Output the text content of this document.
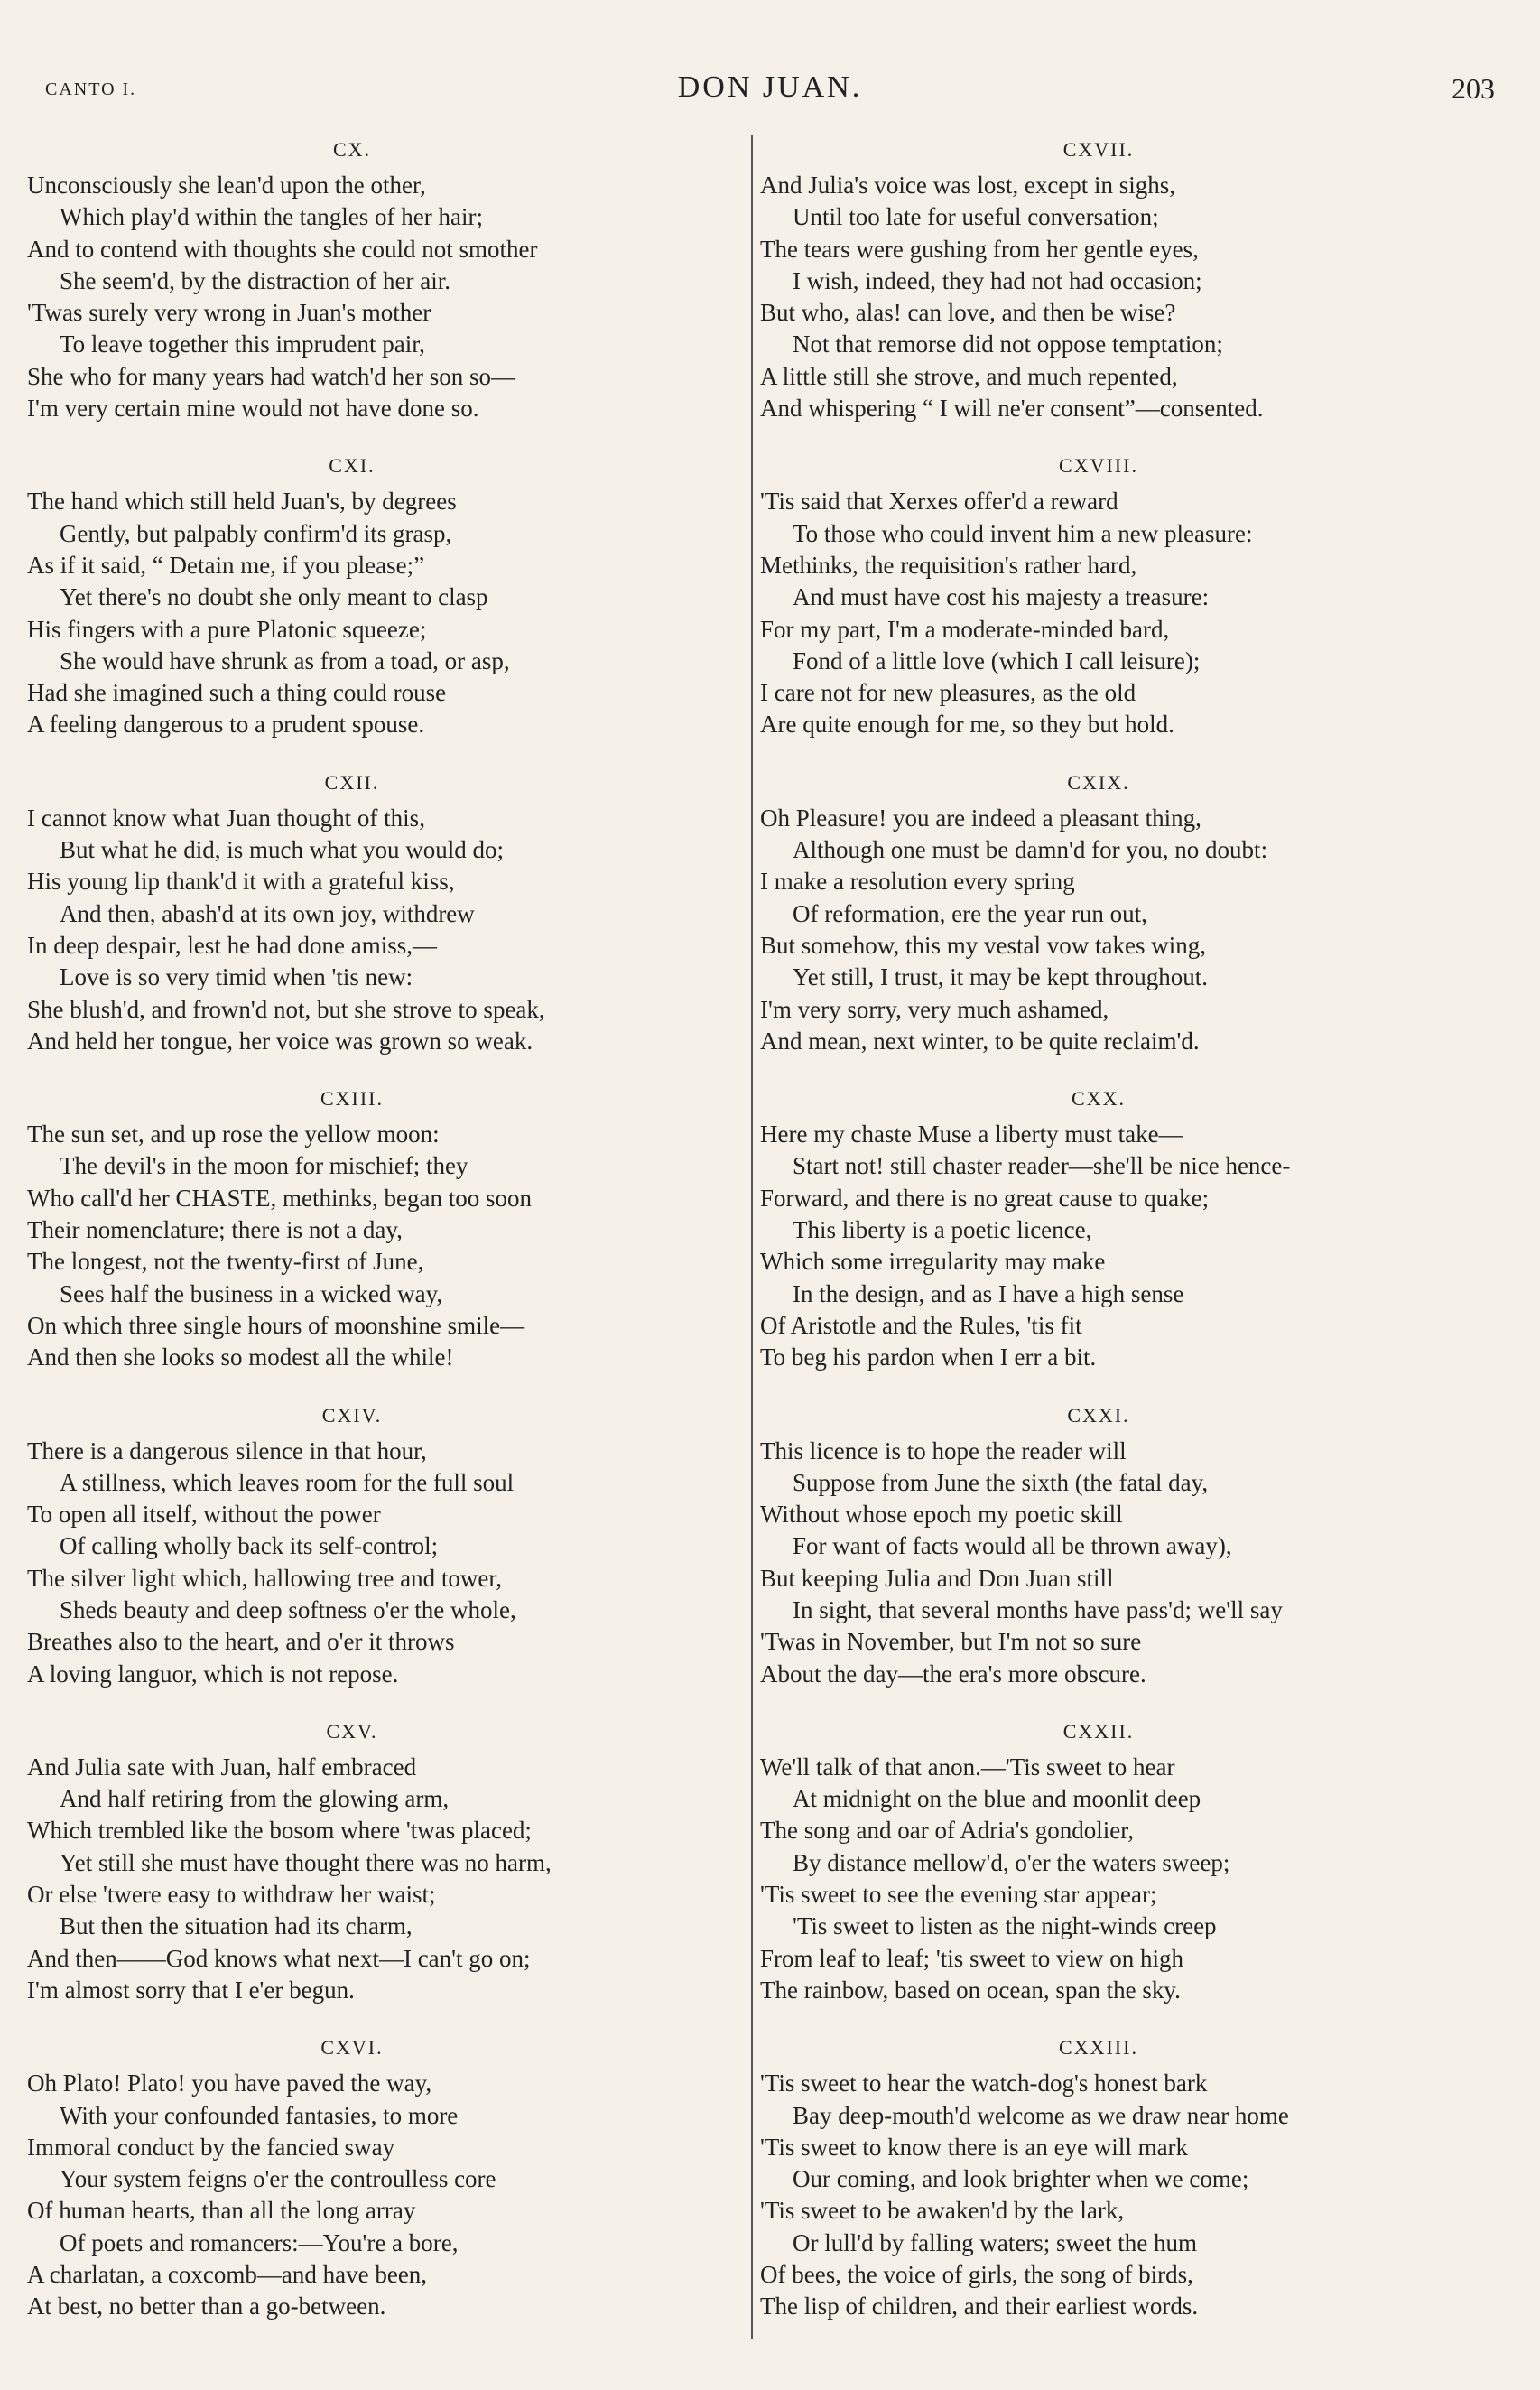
CANTO I.	DON JUAN.	203
CX.
Unconsciously she lean'd upon the other,
Which play'd within the tangles of her hair;
And to contend with thoughts she could not smother
She seem'd, by the distraction of her air.
'Twas surely very wrong in Juan's mother
To leave together this imprudent pair,
She who for many years had watch'd her son so—
I'm very certain mine would not have done so.
CXI.
The hand which still held Juan's, by degrees
Gently, but palpably confirm'd its grasp,
As if it said, “ Detain me, if you please;”
Yet there's no doubt she only meant to clasp
His fingers with a pure Platonic squeeze;
She would have shrunk as from a toad, or asp,
Had she imagined such a thing could rouse
A feeling dangerous to a prudent spouse.
CXII.
I cannot know what Juan thought of this,
But what he did, is much what you would do;
His young lip thank'd it with a grateful kiss,
And then, abash'd at its own joy, withdrew
In deep despair, lest he had done amiss,—
Love is so very timid when 'tis new:
She blush'd, and frown'd not, but she strove to speak,
And held her tongue, her voice was grown so weak.
CXIII.
The sun set, and up rose the yellow moon:
The devil's in the moon for mischief; they
Who call'd her CHASTE, methinks, began too soon
Their nomenclature; there is not a day,
The longest, not the twenty-first of June,
Sees half the business in a wicked way,
On which three single hours of moonshine smile—
And then she looks so modest all the while!
CXIV.
There is a dangerous silence in that hour,
A stillness, which leaves room for the full soul
To open all itself, without the power
Of calling wholly back its self-control;
The silver light which, hallowing tree and tower,
Sheds beauty and deep softness o'er the whole,
Breathes also to the heart, and o'er it throws
A loving languor, which is not repose.
CXV.
And Julia sate with Juan, half embraced
And half retiring from the glowing arm,
Which trembled like the bosom where 'twas placed;
Yet still she must have thought there was no harm,
Or else 'twere easy to withdraw her waist;
But then the situation had its charm,
And then——God knows what next—I can't go on;
I'm almost sorry that I e'er begun.
CXVI.
Oh Plato! Plato! you have paved the way,
With your confounded fantasies, to more
Immoral conduct by the fancied sway
Your system feigns o'er the controulless core
Of human hearts, than all the long array
Of poets and romancers:—You're a bore,
A charlatan, a coxcomb—and have been,
At best, no better than a go-between.
CXVII.
And Julia's voice was lost, except in sighs,
Until too late for useful conversation;
The tears were gushing from her gentle eyes,
I wish, indeed, they had not had occasion;
But who, alas! can love, and then be wise?
Not that remorse did not oppose temptation;
A little still she strove, and much repented,
And whispering “ I will ne'er consent”—consented.
CXVIII.
'Tis said that Xerxes offer'd a reward
To those who could invent him a new pleasure:
Methinks, the requisition's rather hard,
And must have cost his majesty a treasure:
For my part, I'm a moderate-minded bard,
Fond of a little love (which I call leisure);
I care not for new pleasures, as the old
Are quite enough for me, so they but hold.
CXIX.
Oh Pleasure! you are indeed a pleasant thing,
Although one must be damn'd for you, no doubt:
I make a resolution every spring
Of reformation, ere the year run out,
But somehow, this my vestal vow takes wing,
Yet still, I trust, it may be kept throughout.
I'm very sorry, very much ashamed,
And mean, next winter, to be quite reclaim'd.
CXX.
Here my chaste Muse a liberty must take—
Start not! still chaster reader—she'll be nice hence-
Forward, and there is no great cause to quake;
This liberty is a poetic licence,
Which some irregularity may make
In the design, and as I have a high sense
Of Aristotle and the Rules, 'tis fit
To beg his pardon when I err a bit.
CXXI.
This licence is to hope the reader will
Suppose from June the sixth (the fatal day,
Without whose epoch my poetic skill
For want of facts would all be thrown away),
But keeping Julia and Don Juan still
In sight, that several months have pass'd; we'll say
'Twas in November, but I'm not so sure
About the day—the era's more obscure.
CXXII.
We'll talk of that anon.—'Tis sweet to hear
At midnight on the blue and moonlit deep
The song and oar of Adria's gondolier,
By distance mellow'd, o'er the waters sweep;
'Tis sweet to see the evening star appear;
'Tis sweet to listen as the night-winds creep
From leaf to leaf; 'tis sweet to view on high
The rainbow, based on ocean, span the sky.
CXXIII.
'Tis sweet to hear the watch-dog's honest bark
Bay deep-mouth'd welcome as we draw near home
'Tis sweet to know there is an eye will mark
Our coming, and look brighter when we come;
'Tis sweet to be awaken'd by the lark,
Or lull'd by falling waters; sweet the hum
Of bees, the voice of girls, the song of birds,
The lisp of children, and their earliest words.
